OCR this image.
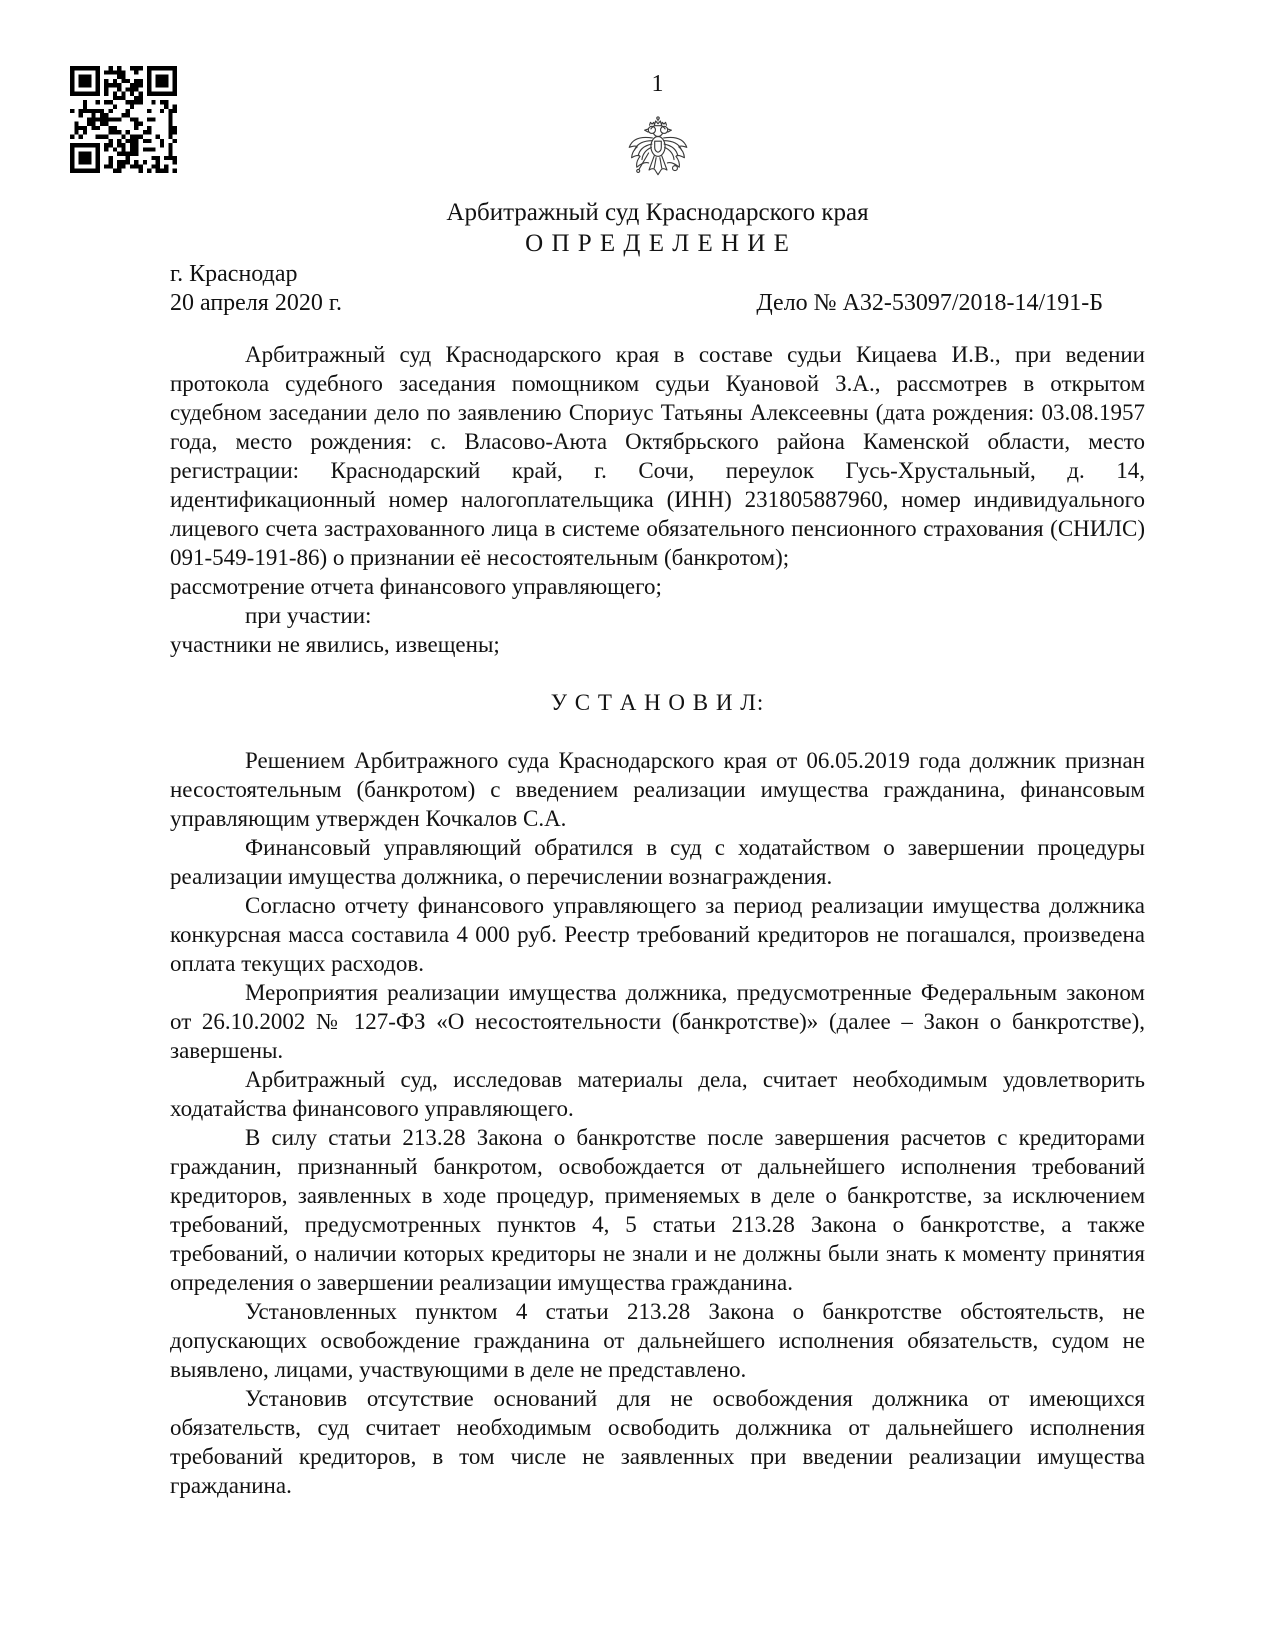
1
Арбитражный суд Краснодарского края
О П Р Е Д Е Л Е Н И Е
г. Краснодар
20 апреля 2020 г.	Дело № А32-53097/2018-14/191-Б

Арбитражный суд Краснодарского края в составе судьи Кицаева И.В., при ведении протокола судебного заседания помощником судьи Куановой З.А., рассмотрев в открытом судебном заседании дело по заявлению Спориус Татьяны Алексеевны (дата рождения: 03.08.1957 года, место рождения: с. Власово-Аюта Октябрьского района Каменской области, место регистрации: Краснодарский край, г. Сочи, переулок Гусь-Хрустальный, д. 14, идентификационный номер налогоплательщика (ИНН) 231805887960, номер индивидуального лицевого счета застрахованного лица в системе обязательного пенсионного страхования (СНИЛС) 091-549-191-86) о признании её несостоятельным (банкротом);

рассмотрение отчета финансового управляющего;

при участии:

участники не явились, извещены;

У С Т А Н О В И Л:

Решением Арбитражного суда Краснодарского края от 06.05.2019 года должник признан несостоятельным (банкротом) с введением реализации имущества гражданина, финансовым управляющим утвержден Кочкалов С.А.

Финансовый управляющий обратился в суд с ходатайством о завершении процедуры реализации имущества должника, о перечислении вознаграждения.

Согласно отчету финансового управляющего за период реализации имущества должника конкурсная масса составила 4 000 руб. Реестр требований кредиторов не погашался, произведена оплата текущих расходов.

Мероприятия реализации имущества должника, предусмотренные Федеральным законом от 26.10.2002 № 127-ФЗ «О несостоятельности (банкротстве)» (далее – Закон о банкротстве), завершены.

Арбитражный суд, исследовав материалы дела, считает необходимым удовлетворить ходатайства финансового управляющего.

В силу статьи 213.28 Закона о банкротстве после завершения расчетов с кредиторами гражданин, признанный банкротом, освобождается от дальнейшего исполнения требований кредиторов, заявленных в ходе процедур, применяемых в деле о банкротстве, за исключением требований, предусмотренных пунктов 4, 5 статьи 213.28 Закона о банкротстве, а также требований, о наличии которых кредиторы не знали и не должны были знать к моменту принятия определения о завершении реализации имущества гражданина.

Установленных пунктом 4 статьи 213.28 Закона о банкротстве обстоятельств, не допускающих освобождение гражданина от дальнейшего исполнения обязательств, судом не выявлено, лицами, участвующими в деле не представлено.

Установив отсутствие оснований для не освобождения должника от имеющихся обязательств, суд считает необходимым освободить должника от дальнейшего исполнения требований кредиторов, в том числе не заявленных при введении реализации имущества гражданина.
